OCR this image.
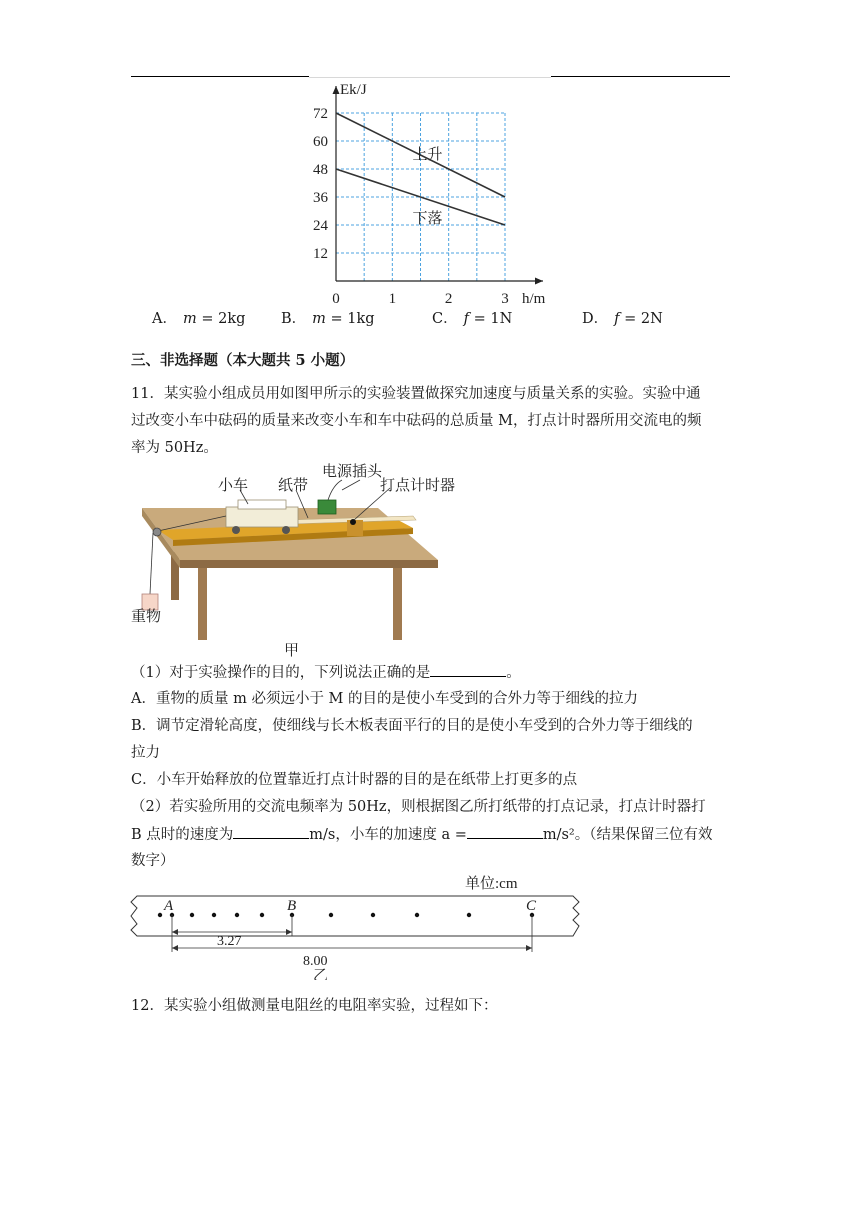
12
24
36
48
60
72
0	1	2	3
Ek/J
h/m
上升
下落
A． m = 2kg B． m = 1kg	C． f = 1N	D． f = 2N
三、非选择题（本大题共 5 小题）
11．某实验小组成员用如图甲所示的实验装置做探究加速度与质量关系的实验。实验中通
过改变小车中砝码的质量来改变小车和车中砝码的总质量 M，打点计时器所用交流电的频
率为 50Hz。
小车 纸带
电源插头
打点计时器
重物
甲
（1）对于实验操作的目的，下列说法正确的是	。
A．重物的质量 m 必须远小于 M 的目的是使小车受到的合外力等于细线的拉力
B．调节定滑轮高度，使细线与长木板表面平行的目的是使小车受到的合外力等于细线的
拉力
C．小车开始释放的位置靠近打点计时器的目的是在纸带上打更多的点
（2）若实验所用的交流电频率为 50Hz，则根据图乙所打纸带的打点记录，打点计时器打
B 点时的速度为	m/s，小车的加速度 a =	m/s²。（结果保留三位有效
数字）
单位:cm
A	B	C
3.27
8.00
乙
12．某实验小组做测量电阻丝的电阻率实验，过程如下：
